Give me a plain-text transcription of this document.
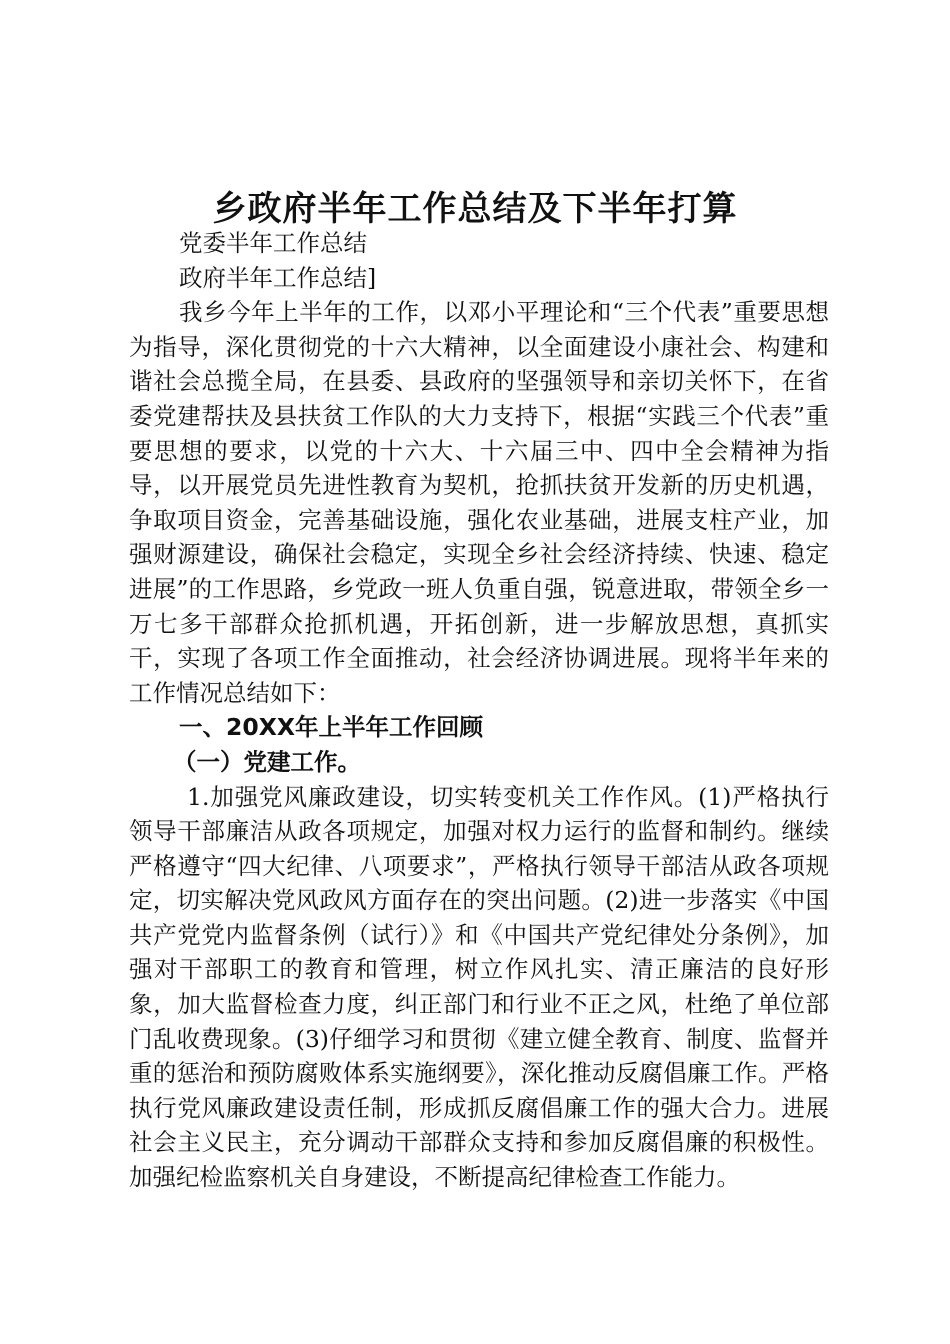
乡政府半年工作总结及下半年打算

党委半年工作总结

政府半年工作总结]

我乡今年上半年的工作，以邓小平理论和“三个代表”重要思想为指导，深化贯彻党的十六大精神，以全面建设小康社会、构建和谐社会总揽全局，在县委、县政府的坚强领导和亲切关怀下，在省委党建帮扶及县扶贫工作队的大力支持下，根据“实践三个代表”重要思想的要求，以党的十六大、十六届三中、四中全会精神为指导，以开展党员先进性教育为契机，抢抓扶贫开发新的历史机遇，争取项目资金，完善基础设施，强化农业基础，进展支柱产业，加强财源建设，确保社会稳定，实现全乡社会经济持续、快速、稳定进展”的工作思路，乡党政一班人负重自强，锐意进取，带领全乡一万七多干部群众抢抓机遇，开拓创新，进一步解放思想，真抓实干，实现了各项工作全面推动，社会经济协调进展。现将半年来的工作情况总结如下：

一、20XX年上半年工作回顾

（一）党建工作。

1.加强党风廉政建设，切实转变机关工作作风。(1)严格执行领导干部廉洁从政各项规定，加强对权力运行的监督和制约。继续严格遵守“四大纪律、八项要求”，严格执行领导干部洁从政各项规定，切实解决党风政风方面存在的突出问题。(2)进一步落实《中国共产党党内监督条例（试行）》和《中国共产党纪律处分条例》，加强对干部职工的教育和管理，树立作风扎实、清正廉洁的良好形象，加大监督检查力度，纠正部门和行业不正之风，杜绝了单位部门乱收费现象。(3)仔细学习和贯彻《建立健全教育、制度、监督并重的惩治和预防腐败体系实施纲要》，深化推动反腐倡廉工作。严格执行党风廉政建设责任制，形成抓反腐倡廉工作的强大合力。进展社会主义民主，充分调动干部群众支持和参加反腐倡廉的积极性。加强纪检监察机关自身建设，不断提高纪律检查工作能力。
